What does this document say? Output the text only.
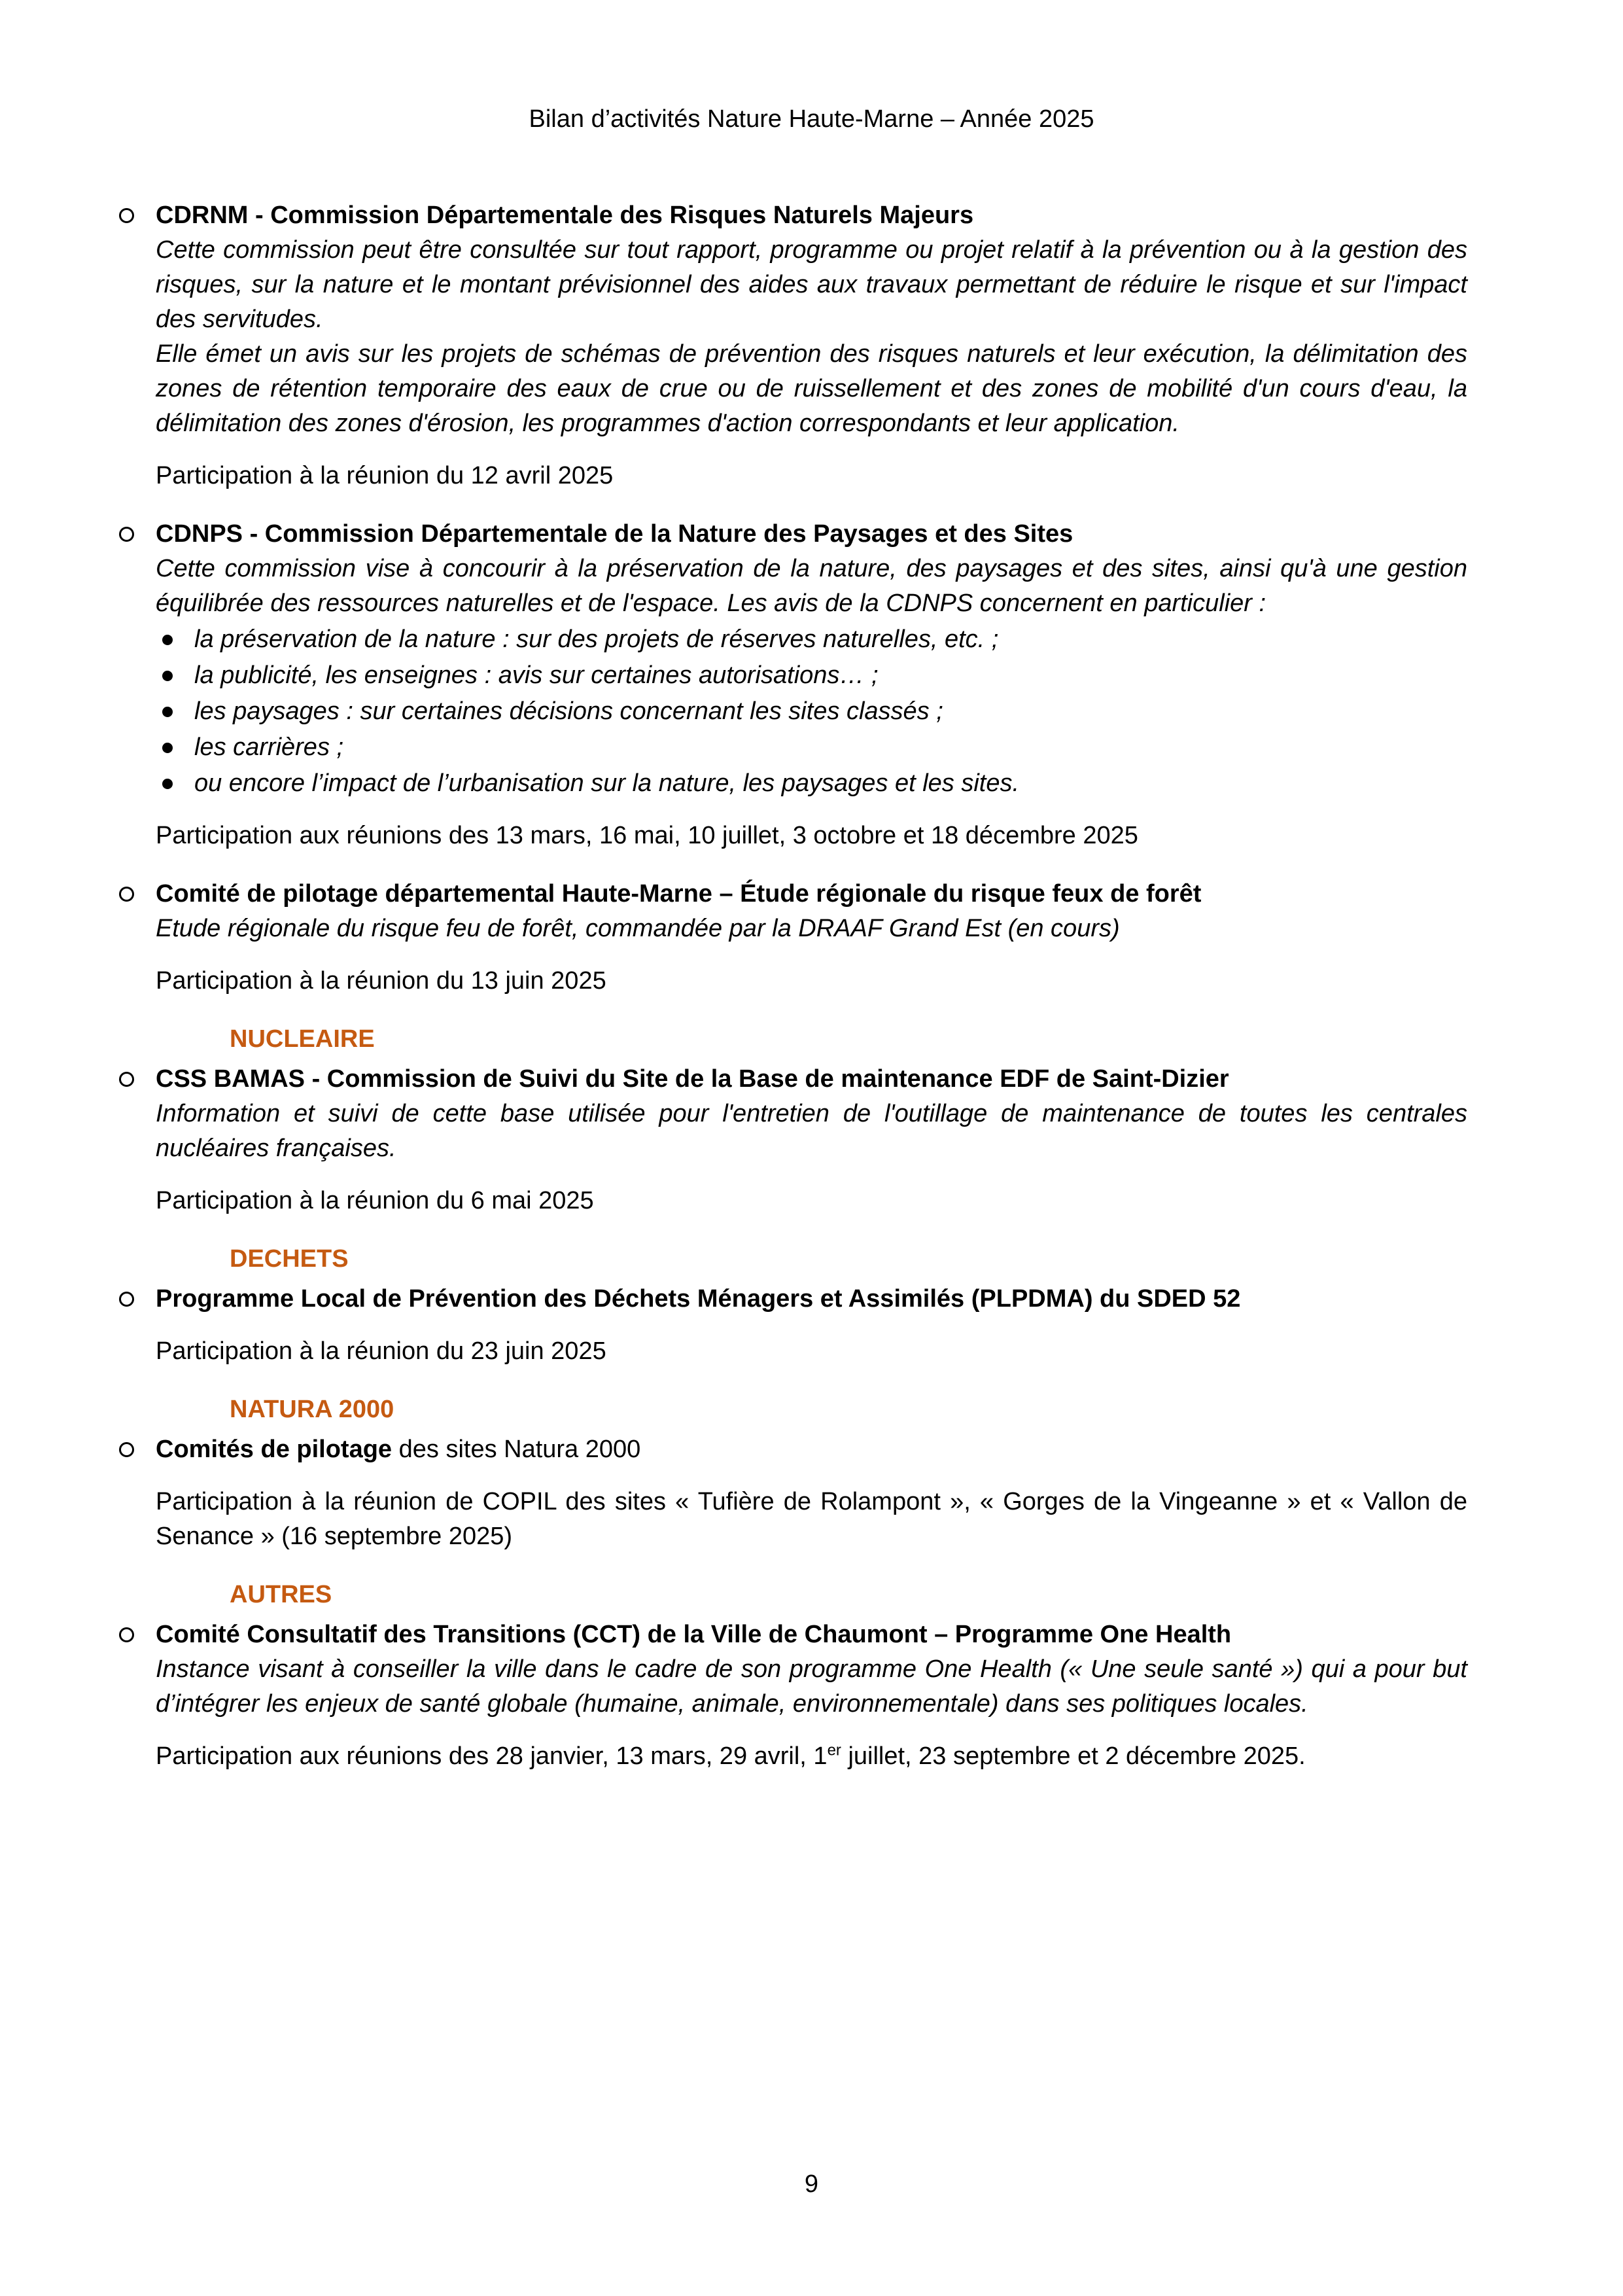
Bilan d’activités Nature Haute-Marne – Année 2025
CDRNM - Commission Départementale des Risques Naturels Majeurs

Cette commission peut être consultée sur tout rapport, programme ou projet relatif à la prévention ou à la gestion des risques, sur la nature et le montant prévisionnel des aides aux travaux permettant de réduire le risque et sur l'impact des servitudes.

Elle émet un avis sur les projets de schémas de prévention des risques naturels et leur exécution, la délimitation des zones de rétention temporaire des eaux de crue ou de ruissellement et des zones de mobilité d'un cours d'eau, la délimitation des zones d'érosion, les programmes d'action correspondants et leur application.

Participation à la réunion du 12 avril 2025

CDNPS - Commission Départementale de la Nature des Paysages et des Sites

Cette commission vise à concourir à la préservation de la nature, des paysages et des sites, ainsi qu'à une gestion équilibrée des ressources naturelles et de l'espace. Les avis de la CDNPS concernent en particulier :

la préservation de la nature : sur des projets de réserves naturelles, etc. ;
la publicité, les enseignes : avis sur certaines autorisations… ;
les paysages : sur certaines décisions concernant les sites classés ;
les carrières ;
ou encore l’impact de l’urbanisation sur la nature, les paysages et les sites.

Participation aux réunions des 13 mars, 16 mai, 10 juillet, 3 octobre et 18 décembre 2025

Comité de pilotage départemental Haute-Marne – Étude régionale du risque feux de forêt

Etude régionale du risque feu de forêt, commandée par la DRAAF Grand Est (en cours)

Participation à la réunion du 13 juin 2025

NUCLEAIRE
CSS BAMAS - Commission de Suivi du Site de la Base de maintenance EDF de Saint-Dizier

Information et suivi de cette base utilisée pour l'entretien de l'outillage de maintenance de toutes les centrales nucléaires françaises.

Participation à la réunion du 6 mai 2025

DECHETS
Programme Local de Prévention des Déchets Ménagers et Assimilés (PLPDMA) du SDED 52

Participation à la réunion du 23 juin 2025

NATURA 2000
Comités de pilotage des sites Natura 2000

Participation à la réunion de COPIL des sites « Tufière de Rolampont », « Gorges de la Vingeanne » et « Vallon de Senance » (16 septembre 2025)

AUTRES
Comité Consultatif des Transitions (CCT) de la Ville de Chaumont – Programme One Health

Instance visant à conseiller la ville dans le cadre de son programme One Health (« Une seule santé ») qui a pour but d’intégrer les enjeux de santé globale (humaine, animale, environnementale) dans ses politiques locales.

Participation aux réunions des 28 janvier, 13 mars, 29 avril, 1er juillet, 23 septembre et 2 décembre 2025.

9
